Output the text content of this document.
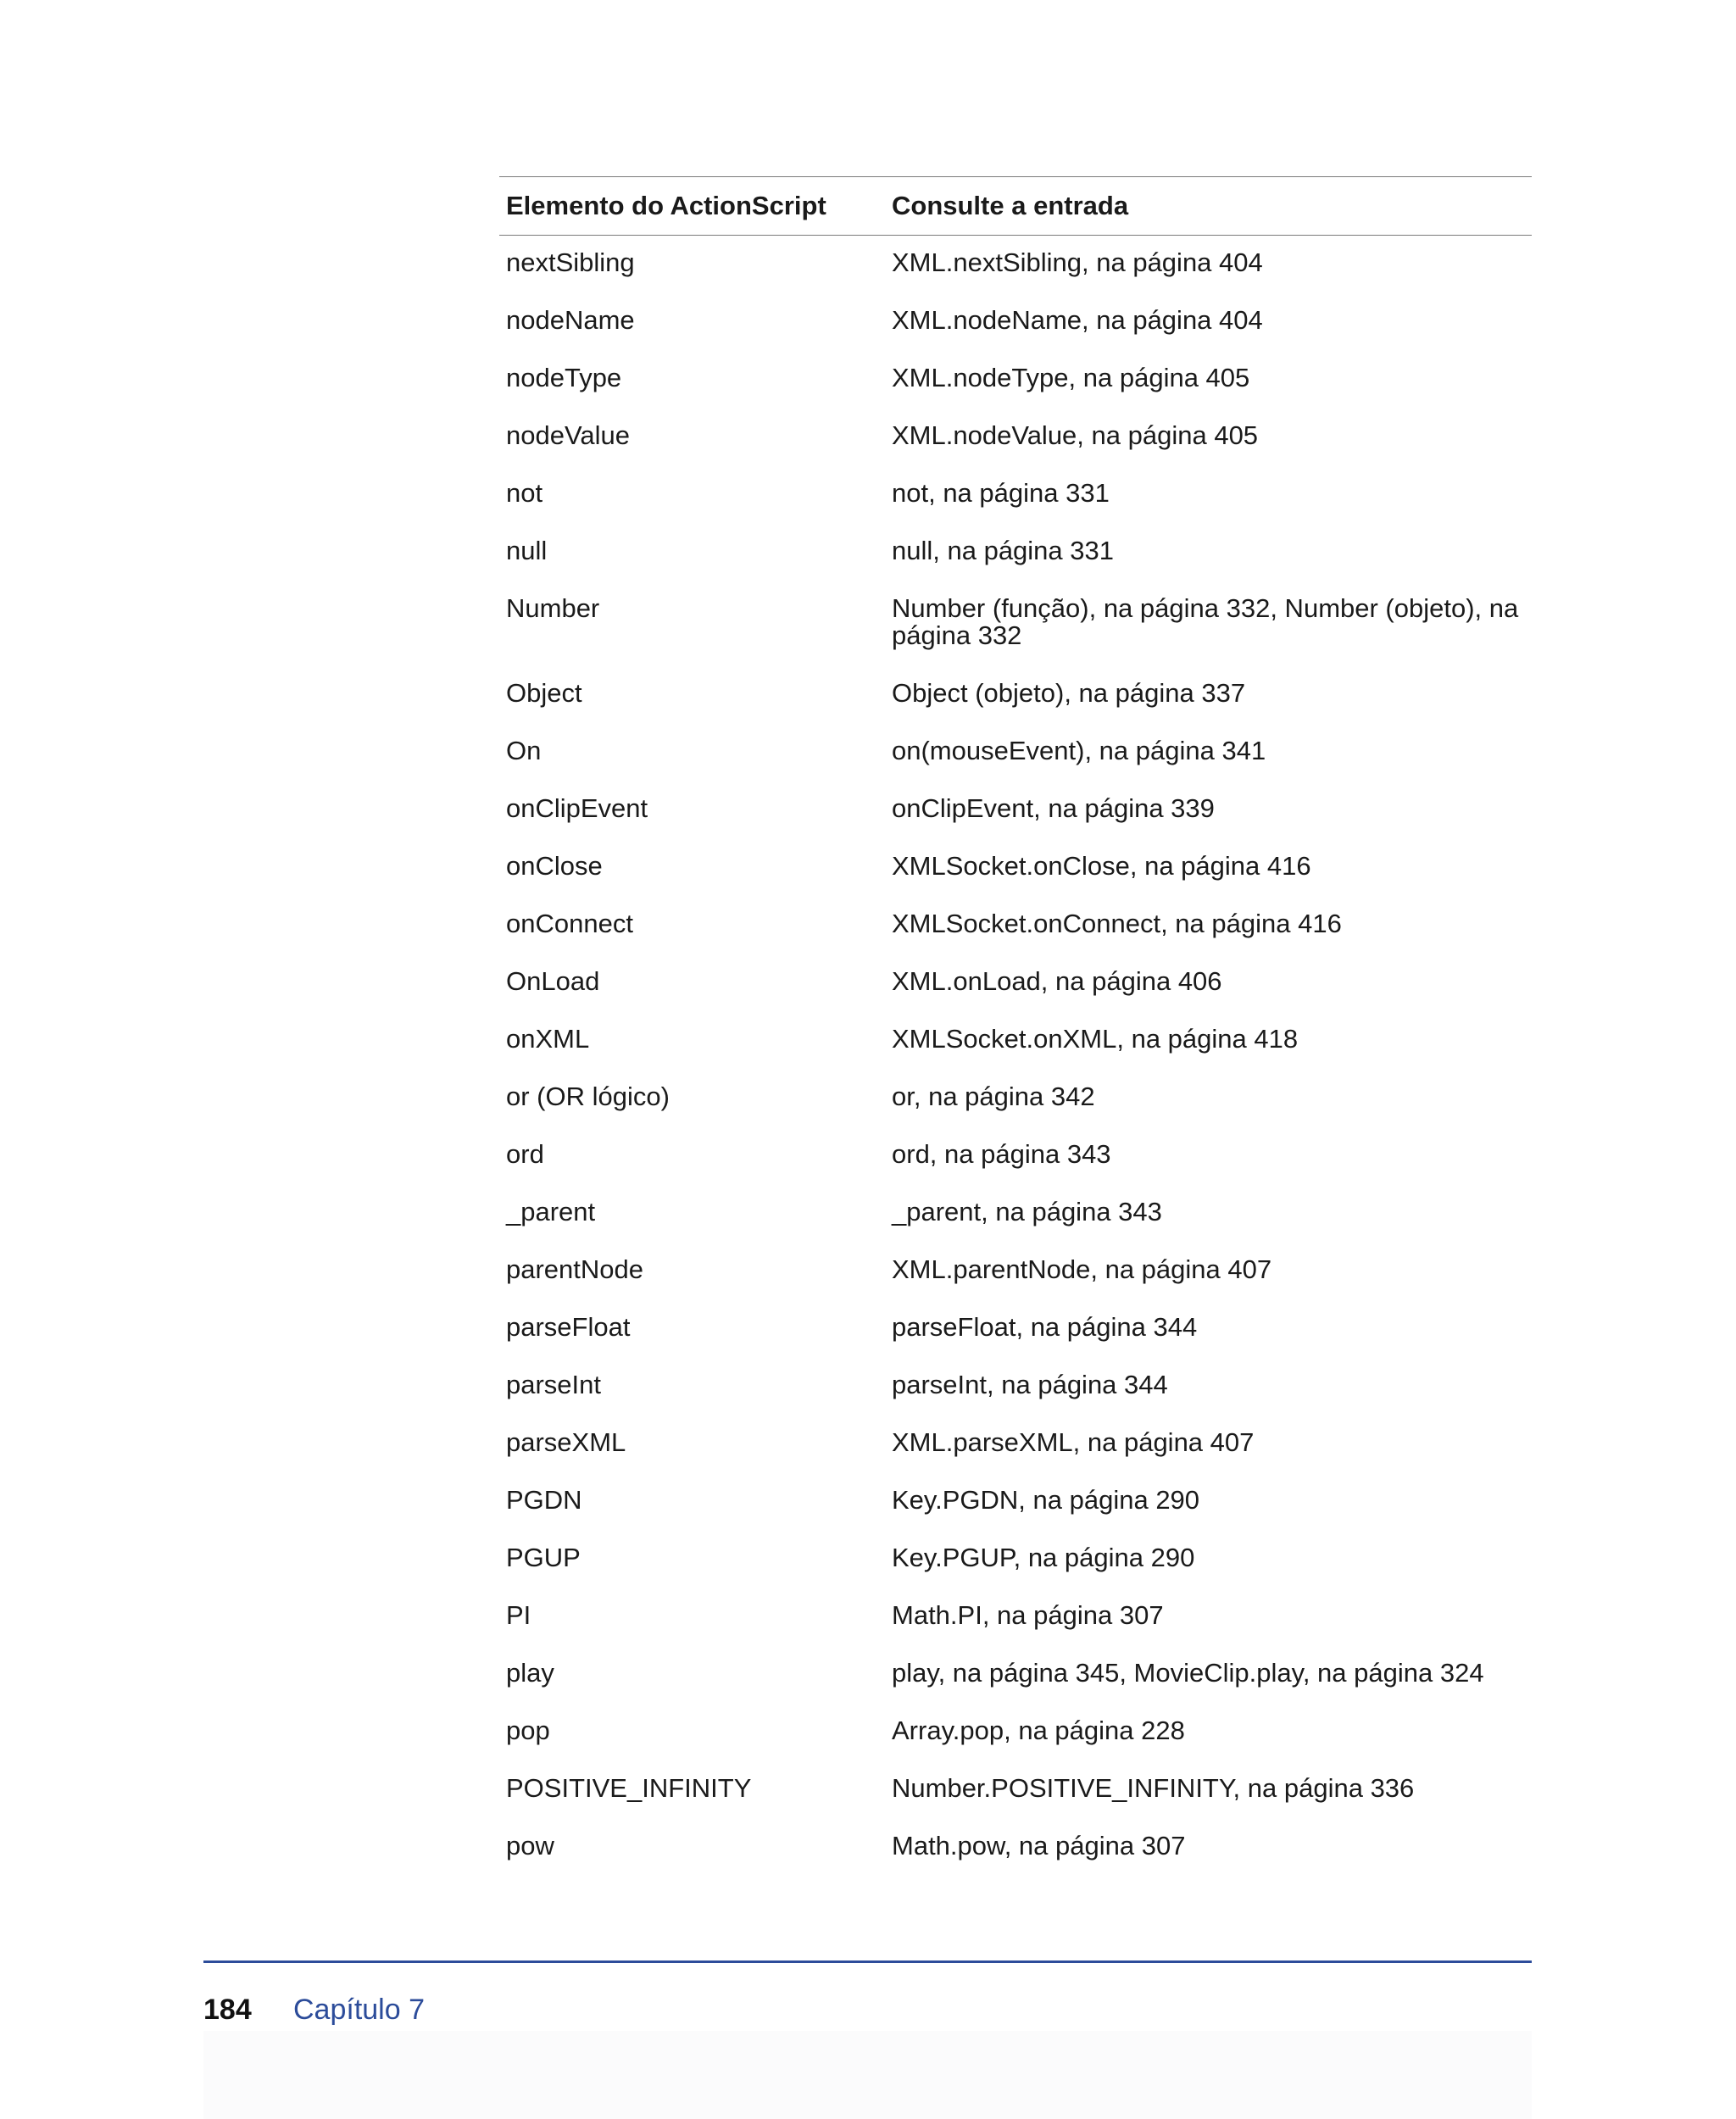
Elemento do ActionScript	Consulte a entrada
nextSibling	XML.nextSibling, na página 404
nodeName	XML.nodeName, na página 404
nodeType	XML.nodeType, na página 405
nodeValue	XML.nodeValue, na página 405
not	not, na página 331
null	null, na página 331
Number	Number (função), na página 332, Number (objeto), na página 332
Object	Object (objeto), na página 337
On	on(mouseEvent), na página 341
onClipEvent	onClipEvent, na página 339
onClose	XMLSocket.onClose, na página 416
onConnect	XMLSocket.onConnect, na página 416
OnLoad	XML.onLoad, na página 406
onXML	XMLSocket.onXML, na página 418
or (OR lógico)	or, na página 342
ord	ord, na página 343
_parent	_parent, na página 343
parentNode	XML.parentNode, na página 407
parseFloat	parseFloat, na página 344
parseInt	parseInt, na página 344
parseXML	XML.parseXML, na página 407
PGDN	Key.PGDN, na página 290
PGUP	Key.PGUP, na página 290
PI	Math.PI, na página 307
play	play, na página 345, MovieClip.play, na página 324
pop	Array.pop, na página 228
POSITIVE_INFINITY	Number.POSITIVE_INFINITY, na página 336
pow	Math.pow, na página 307
184 Capítulo 7
